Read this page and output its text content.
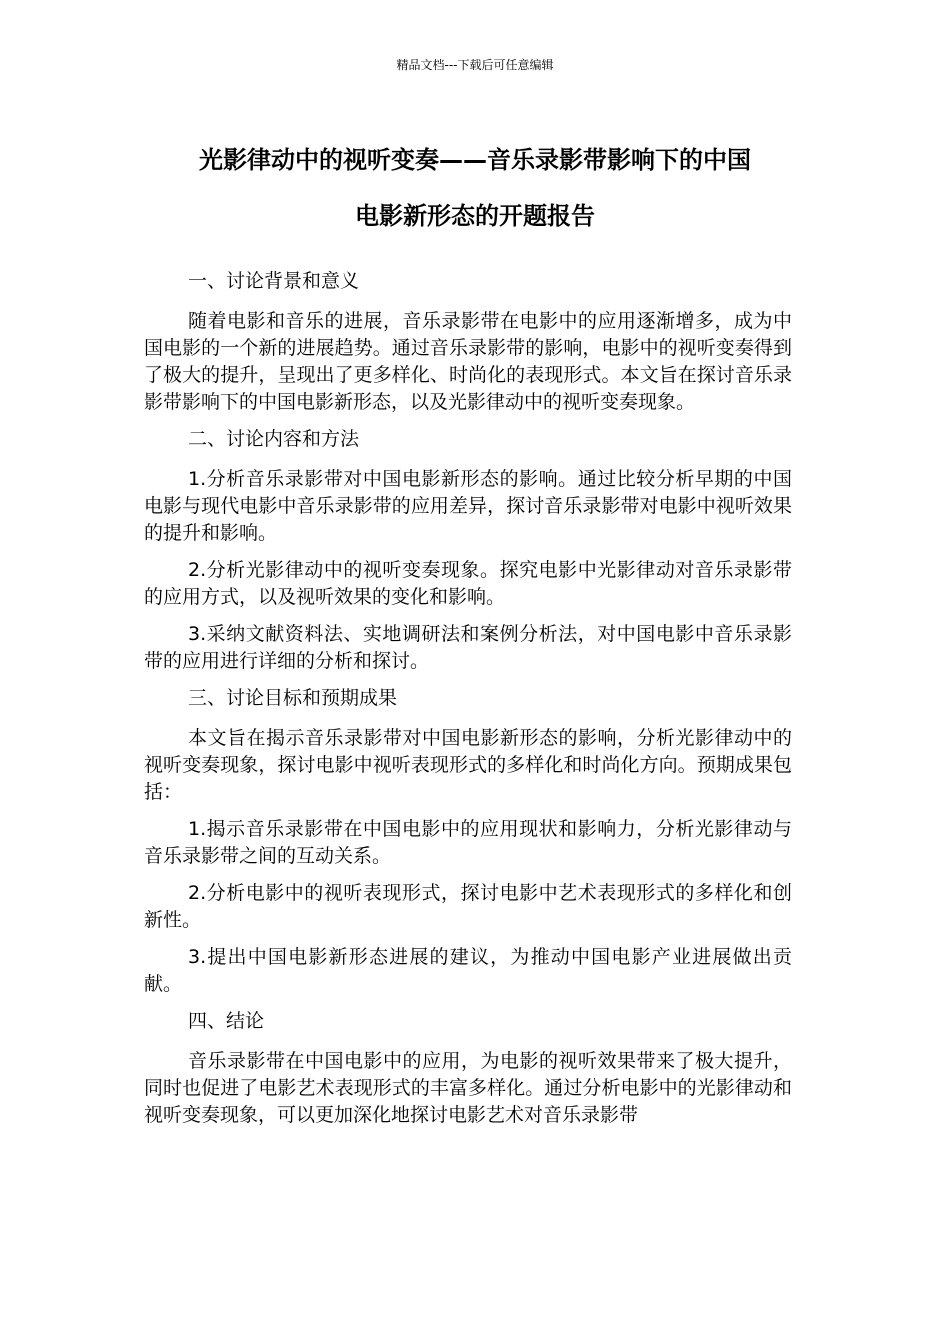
精品文档---下载后可任意编辑
光影律动中的视听变奏——音乐录影带影响下的中国
电影新形态的开题报告

一、讨论背景和意义

随着电影和音乐的进展，音乐录影带在电影中的应用逐渐增多，成为中国电影的一个新的进展趋势。通过音乐录影带的影响，电影中的视听变奏得到了极大的提升，呈现出了更多样化、时尚化的表现形式。本文旨在探讨音乐录影带影响下的中国电影新形态，以及光影律动中的视听变奏现象。

二、讨论内容和方法

1.分析音乐录影带对中国电影新形态的影响。通过比较分析早期的中国电影与现代电影中音乐录影带的应用差异，探讨音乐录影带对电影中视听效果的提升和影响。

2.分析光影律动中的视听变奏现象。探究电影中光影律动对音乐录影带的应用方式，以及视听效果的变化和影响。

3.采纳文献资料法、实地调研法和案例分析法，对中国电影中音乐录影带的应用进行详细的分析和探讨。

三、讨论目标和预期成果

本文旨在揭示音乐录影带对中国电影新形态的影响，分析光影律动中的视听变奏现象，探讨电影中视听表现形式的多样化和时尚化方向。预期成果包括：

1.揭示音乐录影带在中国电影中的应用现状和影响力，分析光影律动与音乐录影带之间的互动关系。

2.分析电影中的视听表现形式，探讨电影中艺术表现形式的多样化和创新性。

3.提出中国电影新形态进展的建议，为推动中国电影产业进展做出贡献。

四、结论

音乐录影带在中国电影中的应用，为电影的视听效果带来了极大提升，同时也促进了电影艺术表现形式的丰富多样化。通过分析电影中的光影律动和视听变奏现象，可以更加深化地探讨电影艺术对音乐录影带
